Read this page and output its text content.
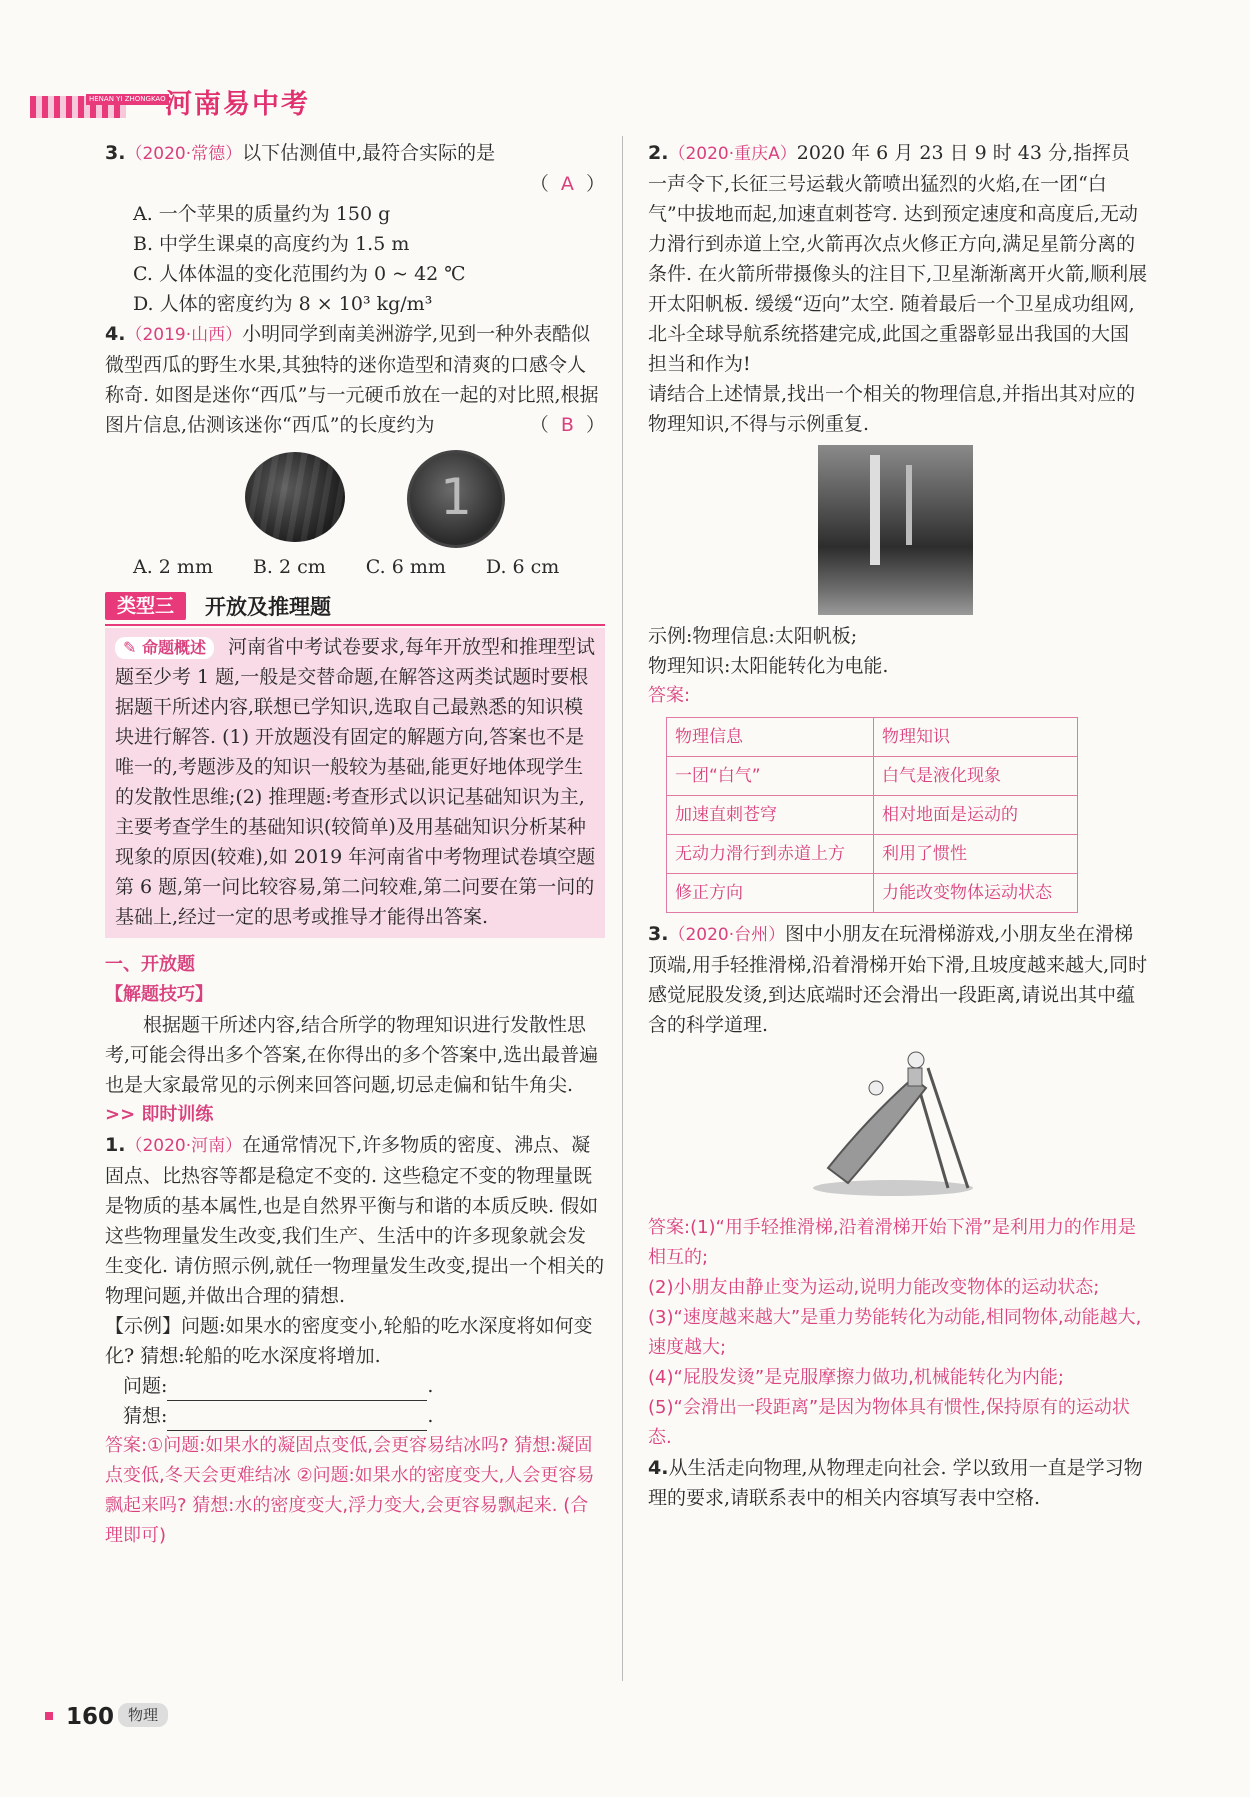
HENAN YI ZHONGKAO 河南易中考

3.（2020·常德）以下估测值中,最符合实际的是

（  A  ）

A. 一个苹果的质量约为 150 g

B. 中学生课桌的高度约为 1.5 m

C. 人体体温的变化范围约为 0 ~ 42 ℃

D. 人体的密度约为 8 × 10³ kg/m³

4.（2019·山西）小明同学到南美洲游学,见到一种外表酷似微型西瓜的野生水果,其独特的迷你造型和清爽的口感令人称奇. 如图是迷你“西瓜”与一元硬币放在一起的对比照,根据图片信息,估测该迷你“西瓜”的长度约为	（  B  ）

1
A. 2 mm B. 2 cm C. 6 mm D. 6 cm
类型三	开放及推理题

✎ 命题概述 河南省中考试卷要求,每年开放型和推理型试题至少考 1 题,一般是交替命题,在解答这两类试题时要根据题干所述内容,联想已学知识,选取自己最熟悉的知识模块进行解答. (1) 开放题没有固定的解题方向,答案也不是唯一的,考题涉及的知识一般较为基础,能更好地体现学生的发散性思维;(2) 推理题:考查形式以识记基础知识为主,主要考查学生的基础知识(较简单)及用基础知识分析某种现象的原因(较难),如 2019 年河南省中考物理试卷填空题第 6 题,第一问比较容易,第二问较难,第二问要在第一问的基础上,经过一定的思考或推导才能得出答案.

一、开放题

【解题技巧】

根据题干所述内容,结合所学的物理知识进行发散性思考,可能会得出多个答案,在你得出的多个答案中,选出最普遍也是大家最常见的示例来回答问题,切忌走偏和钻牛角尖.

>> 即时训练

1.（2020·河南）在通常情况下,许多物质的密度、沸点、凝固点、比热容等都是稳定不变的. 这些稳定不变的物理量既是物质的基本属性,也是自然界平衡与和谐的本质反映. 假如这些物理量发生改变,我们生产、生活中的许多现象就会发生变化. 请仿照示例,就任一物理量发生改变,提出一个相关的物理问题,并做出合理的猜想.

【示例】问题:如果水的密度变小,轮船的吃水深度将如何变化? 猜想:轮船的吃水深度将增加.

问题:	.

猜想:	.

答案:①问题:如果水的凝固点变低,会更容易结冰吗? 猜想:凝固点变低,冬天会更难结冰 ②问题:如果水的密度变大,人会更容易飘起来吗? 猜想:水的密度变大,浮力变大,会更容易飘起来. (合理即可)

2.（2020·重庆A）2020 年 6 月 23 日 9 时 43 分,指挥员一声令下,长征三号运载火箭喷出猛烈的火焰,在一团“白气”中拔地而起,加速直刺苍穹. 达到预定速度和高度后,无动力滑行到赤道上空,火箭再次点火修正方向,满足星箭分离的条件. 在火箭所带摄像头的注目下,卫星渐渐离开火箭,顺利展开太阳帆板. 缓缓“迈向”太空. 随着最后一个卫星成功组网,北斗全球导航系统搭建完成,此国之重器彰显出我国的大国担当和作为!

请结合上述情景,找出一个相关的物理信息,并指出其对应的物理知识,不得与示例重复.

示例:物理信息:太阳帆板;

物理知识:太阳能转化为电能.

答案:

物理信息	物理知识
一团“白气”	白气是液化现象
加速直刺苍穹	相对地面是运动的
无动力滑行到赤道上方	利用了惯性
修正方向	力能改变物体运动状态

3.（2020·台州）图中小朋友在玩滑梯游戏,小朋友坐在滑梯顶端,用手轻推滑梯,沿着滑梯开始下滑,且坡度越来越大,同时感觉屁股发烫,到达底端时还会滑出一段距离,请说出其中蕴含的科学道理.

答案:(1)“用手轻推滑梯,沿着滑梯开始下滑”是利用力的作用是相互的;

(2)小朋友由静止变为运动,说明力能改变物体的运动状态;

(3)“速度越来越大”是重力势能转化为动能,相同物体,动能越大,速度越大;

(4)“屁股发烫”是克服摩擦力做功,机械能转化为内能;

(5)“会滑出一段距离”是因为物体具有惯性,保持原有的运动状态.

4.从生活走向物理,从物理走向社会. 学以致用一直是学习物理的要求,请联系表中的相关内容填写表中空格.

160 物理
